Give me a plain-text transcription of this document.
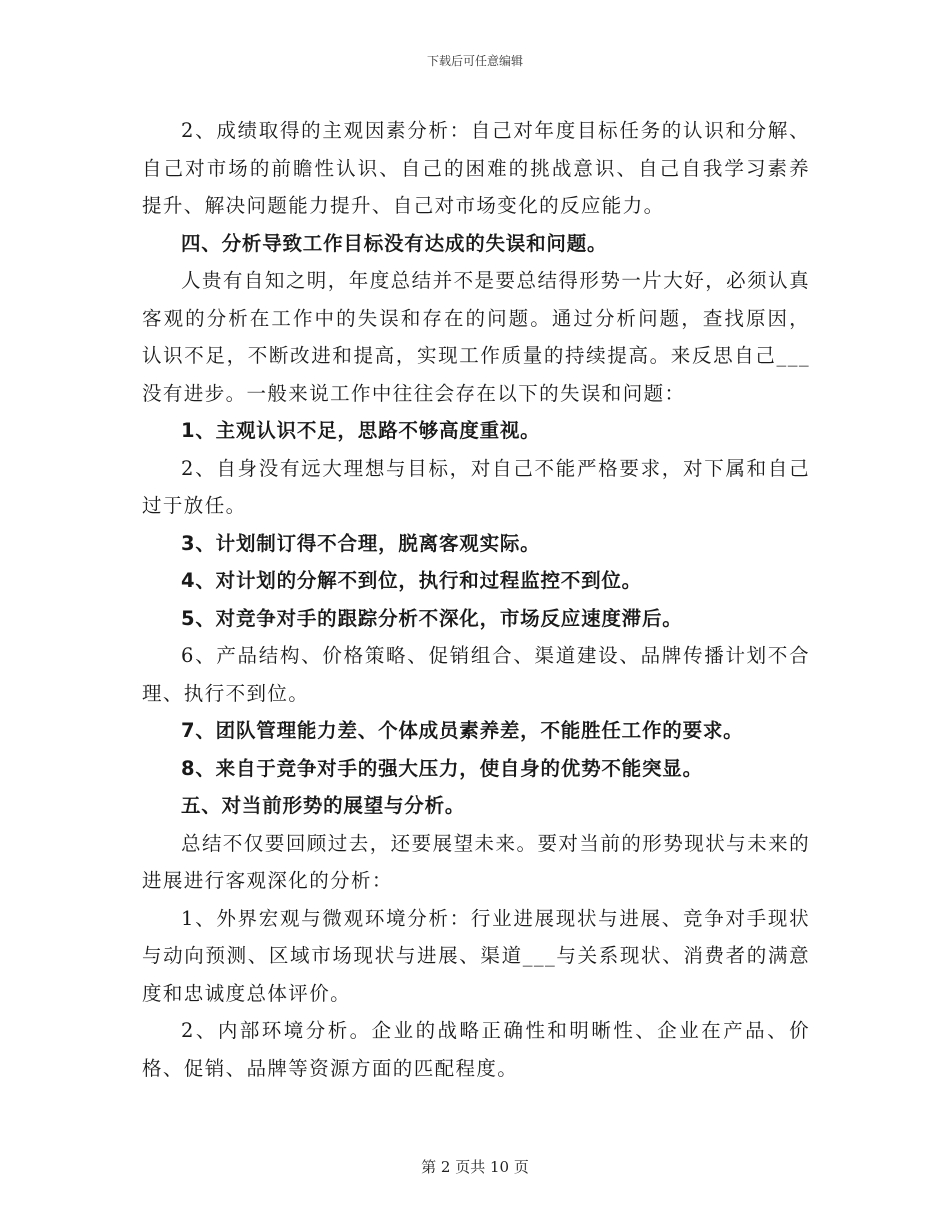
下载后可任意编辑

2、成绩取得的主观因素分析：自己对年度目标任务的认识和分解、自己对市场的前瞻性认识、自己的困难的挑战意识、自己自我学习素养提升、解决问题能力提升、自己对市场变化的反应能力。

四、分析导致工作目标没有达成的失误和问题。

人贵有自知之明，年度总结并不是要总结得形势一片大好，必须认真客观的分析在工作中的失误和存在的问题。通过分析问题，查找原因，认识不足，不断改进和提高，实现工作质量的持续提高。来反思自己___没有进步。一般来说工作中往往会存在以下的失误和问题：

1、主观认识不足，思路不够高度重视。

2、自身没有远大理想与目标，对自己不能严格要求，对下属和自己过于放任。

3、计划制订得不合理，脱离客观实际。

4、对计划的分解不到位，执行和过程监控不到位。

5、对竞争对手的跟踪分析不深化，市场反应速度滞后。

6、产品结构、价格策略、促销组合、渠道建设、品牌传播计划不合理、执行不到位。

7、团队管理能力差、个体成员素养差，不能胜任工作的要求。

8、来自于竞争对手的强大压力，使自身的优势不能突显。

五、对当前形势的展望与分析。

总结不仅要回顾过去，还要展望未来。要对当前的形势现状与未来的进展进行客观深化的分析：

1、外界宏观与微观环境分析：行业进展现状与进展、竞争对手现状与动向预测、区域市场现状与进展、渠道___与关系现状、消费者的满意度和忠诚度总体评价。

2、内部环境分析。企业的战略正确性和明晰性、企业在产品、价格、促销、品牌等资源方面的匹配程度。

第 2 页共 10 页
